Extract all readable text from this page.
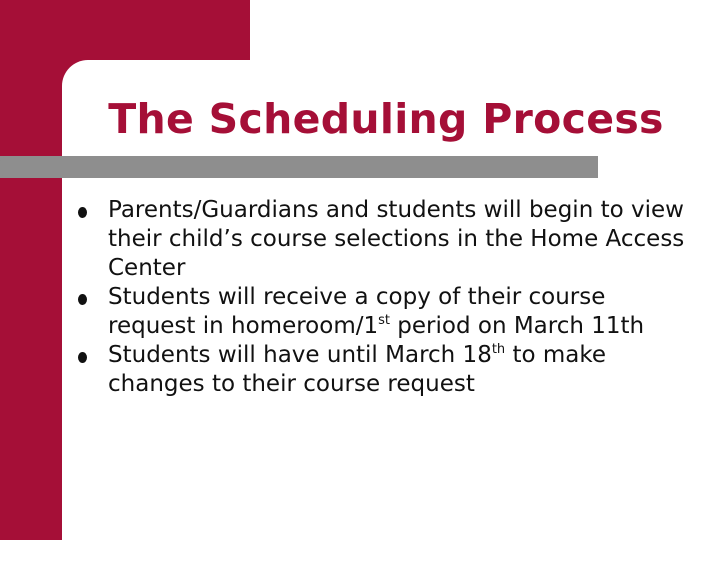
The Scheduling Process
Parents/Guardians and students will begin to view their child’s course selections in the Home Access Center
Students will receive a copy of their course request in homeroom/1st period on March 11th
Students will have until March 18th to make changes to their course request
